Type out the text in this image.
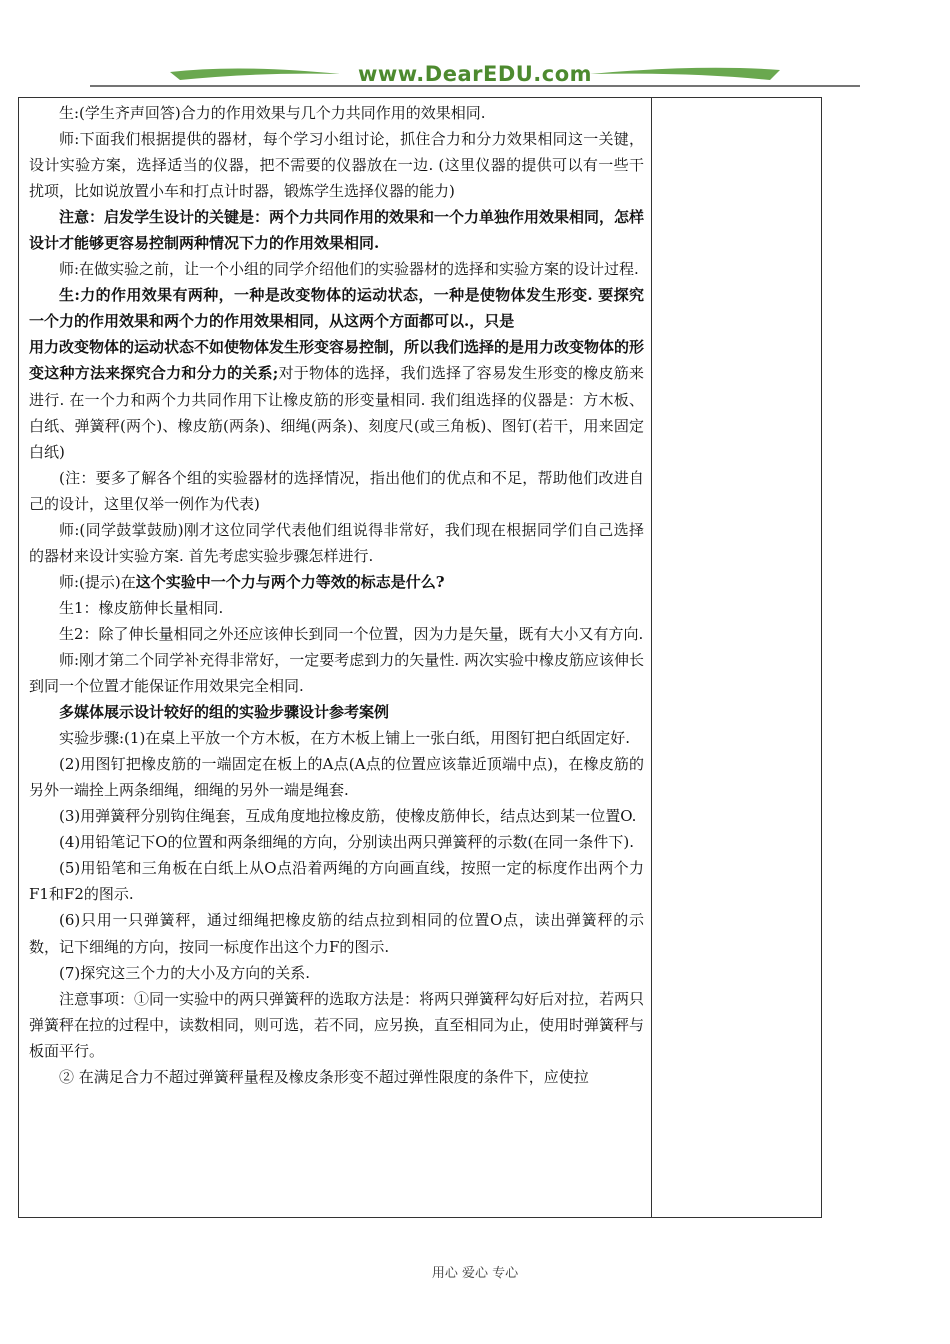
www.DearEDU.com

生:(学生齐声回答)合力的作用效果与几个力共同作用的效果相同.

师:下面我们根据提供的器材，每个学习小组讨论，抓住合力和分力效果相同这一关键，设计实验方案，选择适当的仪器，把不需要的仪器放在一边. (这里仪器的提供可以有一些干扰项，比如说放置小车和打点计时器，锻炼学生选择仪器的能力)

注意：启发学生设计的关键是：两个力共同作用的效果和一个力单独作用效果相同，怎样设计才能够更容易控制两种情况下力的作用效果相同.

师:在做实验之前，让一个小组的同学介绍他们的实验器材的选择和实验方案的设计过程.

生:力的作用效果有两种，一种是改变物体的运动状态，一种是使物体发生形变. 要探究一个力的作用效果和两个力的作用效果相同，从这两个方面都可以.，只是

用力改变物体的运动状态不如使物体发生形变容易控制，所以我们选择的是用力改变物体的形变这种方法来探究合力和分力的关系;对于物体的选择，我们选择了容易发生形变的橡皮筋来进行. 在一个力和两个力共同作用下让橡皮筋的形变量相同. 我们组选择的仪器是：方木板、白纸、弹簧秤(两个)、橡皮筋(两条)、细绳(两条)、刻度尺(或三角板)、图钉(若干，用来固定白纸)

(注：要多了解各个组的实验器材的选择情况，指出他们的优点和不足，帮助他们改进自己的设计，这里仅举一例作为代表)

师:(同学鼓掌鼓励)刚才这位同学代表他们组说得非常好，我们现在根据同学们自己选择的器材来设计实验方案. 首先考虑实验步骤怎样进行.

师:(提示)在这个实验中一个力与两个力等效的标志是什么?

生1：橡皮筋伸长量相同.

生2：除了伸长量相同之外还应该伸长到同一个位置，因为力是矢量，既有大小又有方向.

师:刚才第二个同学补充得非常好，一定要考虑到力的矢量性. 两次实验中橡皮筋应该伸长到同一个位置才能保证作用效果完全相同.

多媒体展示设计较好的组的实验步骤设计参考案例

实验步骤:(1)在桌上平放一个方木板，在方木板上铺上一张白纸，用图钉把白纸固定好.

(2)用图钉把橡皮筋的一端固定在板上的A点(A点的位置应该靠近顶端中点)，在橡皮筋的另外一端拴上两条细绳，细绳的另外一端是绳套.

(3)用弹簧秤分别钩住绳套，互成角度地拉橡皮筋，使橡皮筋伸长，结点达到某一位置O.

(4)用铅笔记下O的位置和两条细绳的方向，分别读出两只弹簧秤的示数(在同一条件下).

(5)用铅笔和三角板在白纸上从O点沿着两绳的方向画直线，按照一定的标度作出两个力F1和F2的图示.

(6)只用一只弹簧秤，通过细绳把橡皮筋的结点拉到相同的位置O点，读出弹簧秤的示数，记下细绳的方向，按同一标度作出这个力F的图示.

(7)探究这三个力的大小及方向的关系.

注意事项：①同一实验中的两只弹簧秤的选取方法是：将两只弹簧秤勾好后对拉，若两只弹簧秤在拉的过程中，读数相同，则可选，若不同，应另换，直至相同为止，使用时弹簧秤与板面平行。

② 在满足合力不超过弹簧秤量程及橡皮条形变不超过弹性限度的条件下，应使拉

用心 爱心 专心
